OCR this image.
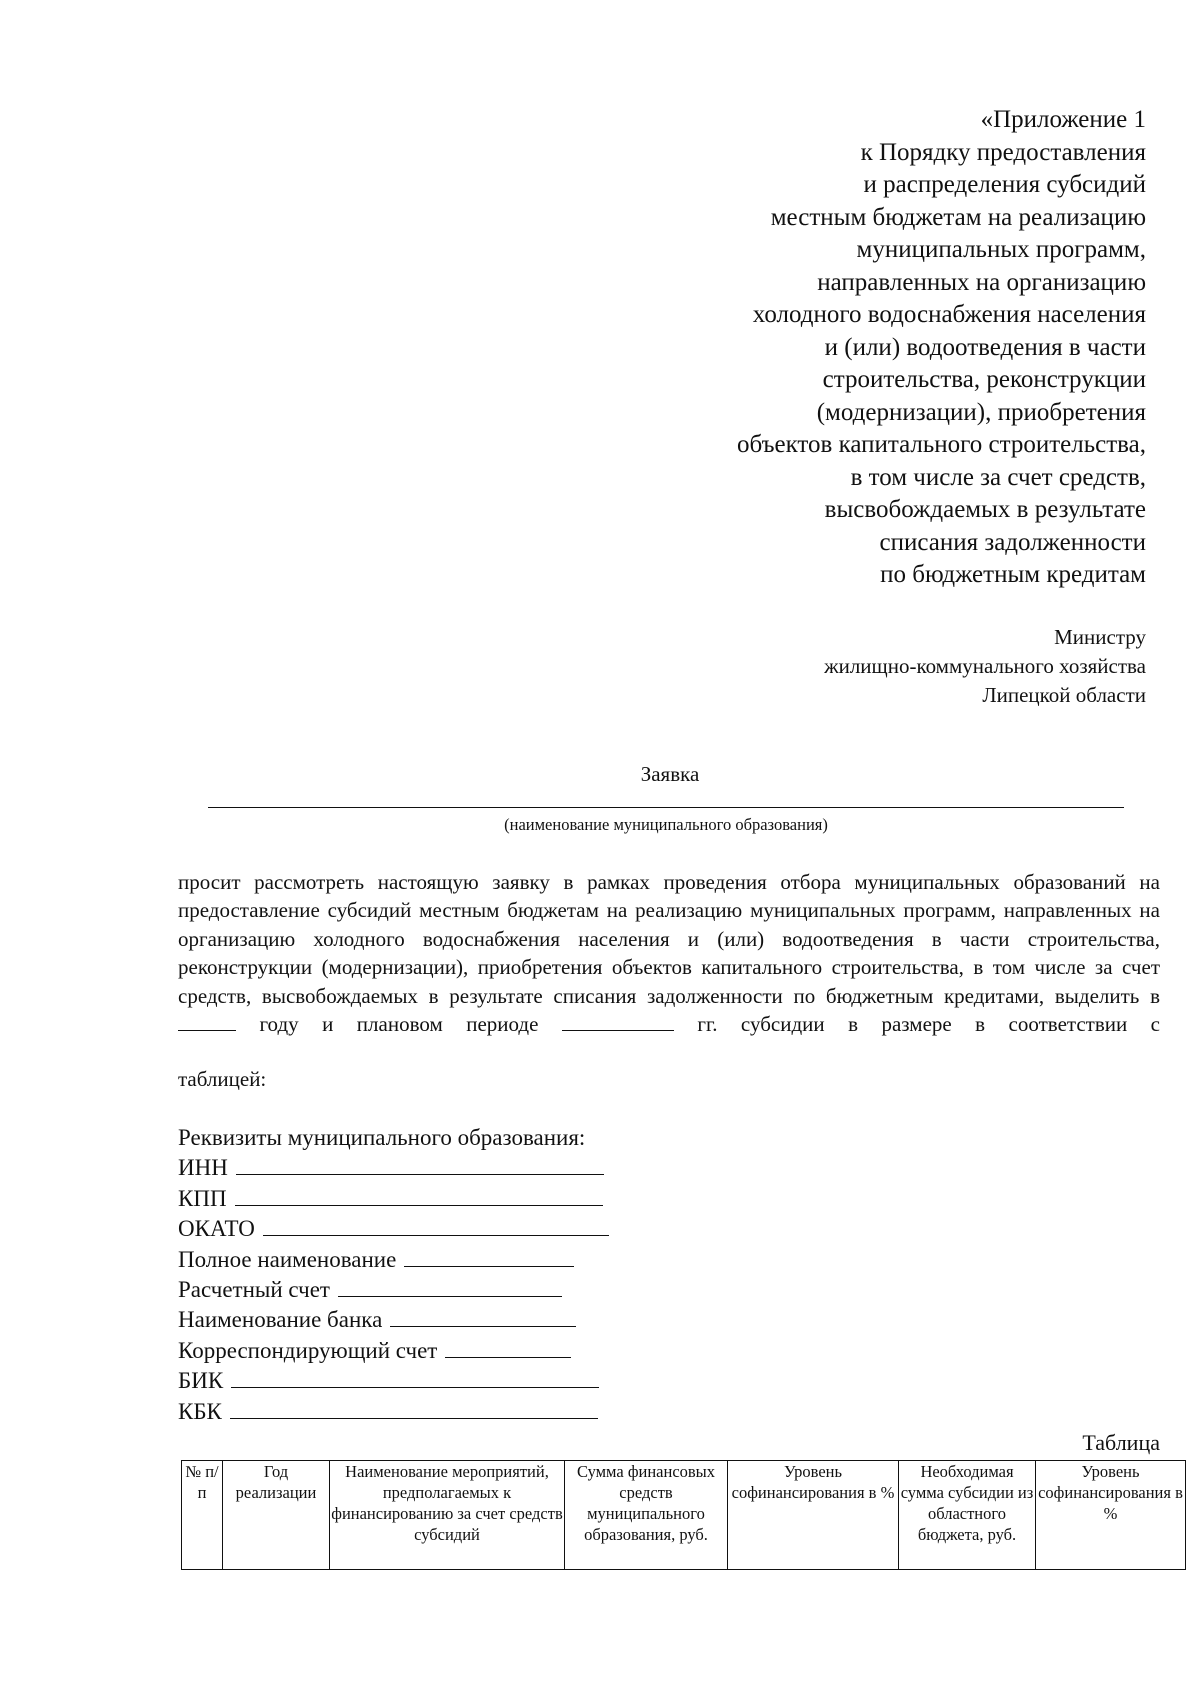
«Приложение 1
к Порядку предоставления
и распределения субсидий
местным бюджетам на реализацию
муниципальных программ,
направленных на организацию
холодного водоснабжения населения
и (или) водоотведения в части
строительства, реконструкции
(модернизации), приобретения
объектов капитального строительства,
в том числе за счет средств,
высвобождаемых в результате
списания задолженности
по бюджетным кредитам
Министру
жилищно-коммунального хозяйства
Липецкой области
Заявка
(наименование муниципального образования)
просит рассмотреть настоящую заявку в рамках проведения отбора муниципальных образований на предоставление субсидий местным бюджетам на реализацию муниципальных программ, направленных на организацию холодного водоснабжения населения и (или) водоотведения в части строительства, реконструкции (модернизации), приобретения объектов капитального строительства, в том числе за счет средств, высвобождаемых в результате списания задолженности по бюджетным кредитами, выделить в  году и плановом периоде	гг. субсидии в размере в соответствии с
таблицей:
Реквизиты муниципального образования:
ИНН
КПП
ОКАТО
Полное наименование
Расчетный счет
Наименование банка
Корреспондирующий счет
БИК
КБК
Таблица
№ п/п	Год реализации	Наименование мероприятий, предполагаемых к финансированию за счет средств субсидий	Сумма финансовых средств муниципального образования, руб.	Уровень софинансирования в %	Необходимая сумма субсидии из областного бюджета, руб.	Уровень софинансирования в %
